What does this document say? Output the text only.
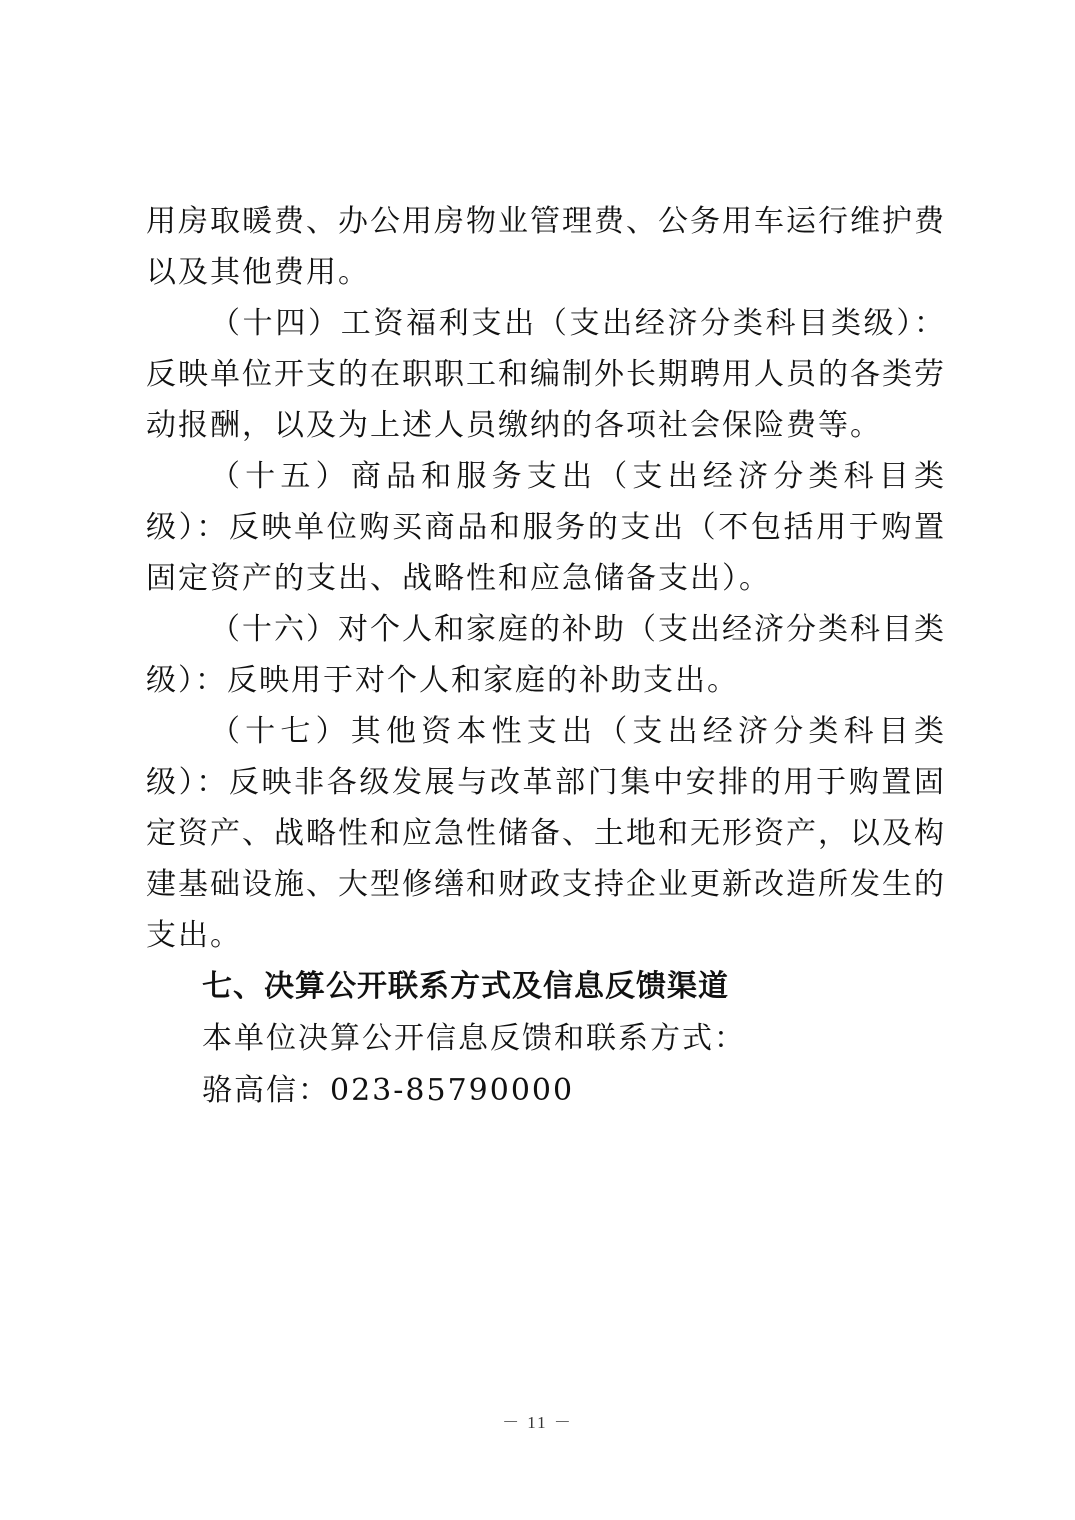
用房取暖费、办公用房物业管理费、公务用车运行维护费以及其他费用。

（十四）工资福利支出（支出经济分类科目类级）：反映单位开支的在职职工和编制外长期聘用人员的各类劳动报酬，以及为上述人员缴纳的各项社会保险费等。

（十五）商品和服务支出（支出经济分类科目类级）：反映单位购买商品和服务的支出（不包括用于购置固定资产的支出、战略性和应急储备支出）。

（十六）对个人和家庭的补助（支出经济分类科目类级）：反映用于对个人和家庭的补助支出。

（十七）其他资本性支出（支出经济分类科目类级）：反映非各级发展与改革部门集中安排的用于购置固定资产、战略性和应急性储备、土地和无形资产，以及构建基础设施、大型修缮和财政支持企业更新改造所发生的支出。

七、决算公开联系方式及信息反馈渠道

本单位决算公开信息反馈和联系方式：

骆高信：023-85790000

－ 11 －
